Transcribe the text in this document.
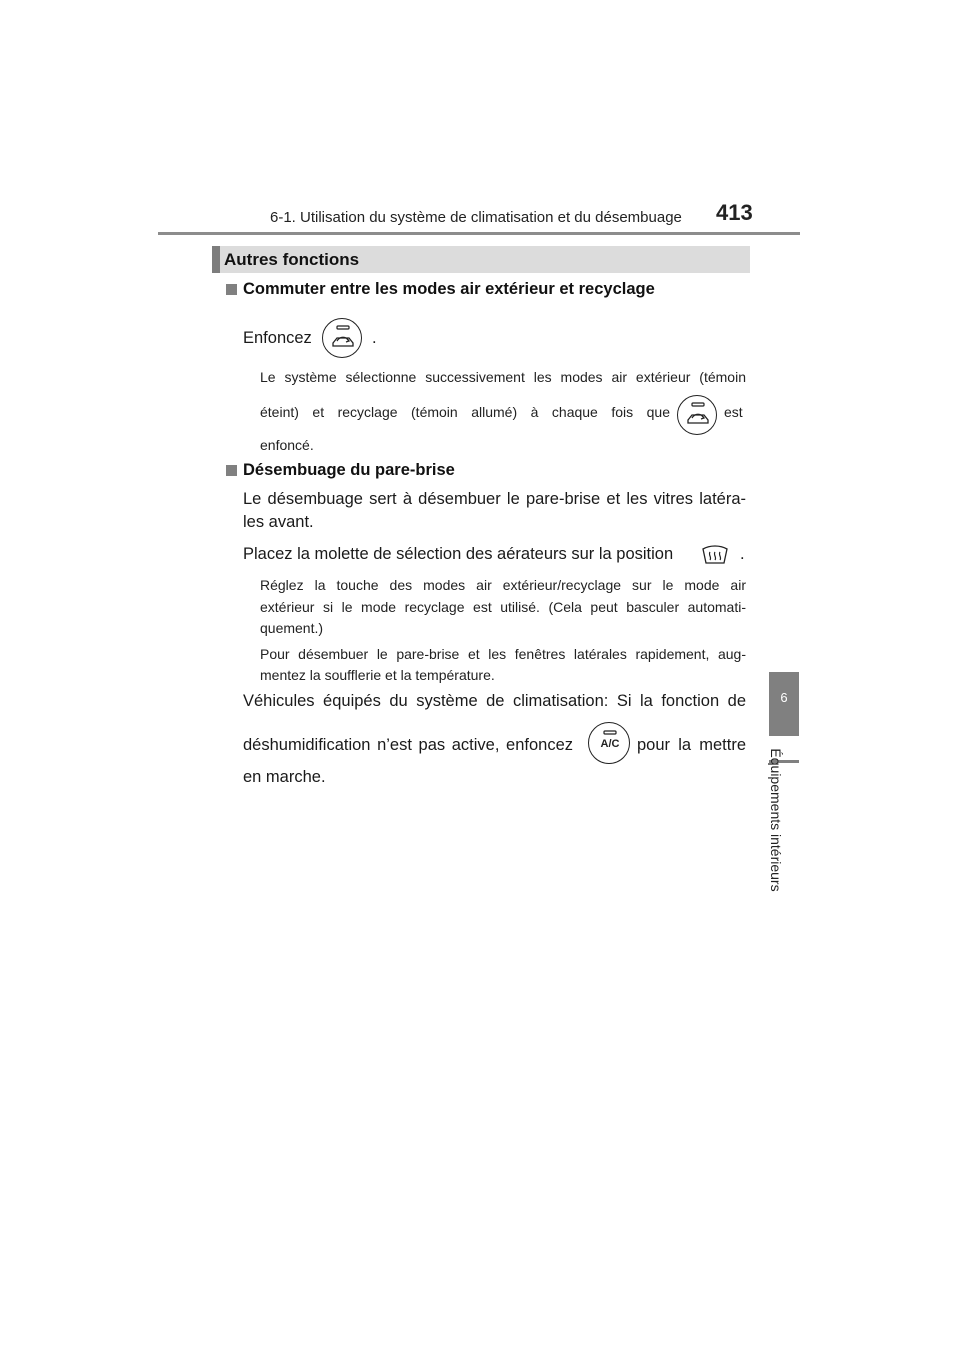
6-1. Utilisation du système de climatisation et du désembuage 413
6
Équipements intérieurs
Autres fonctions
Commuter entre les modes air extérieur et recyclage
Enfoncez	.
Le système sélectionne successivement les modes air extérieur (témoin
éteint) et recyclage (témoin allumé) à chaque fois que	est
enfoncé.
Désembuage du pare-brise
Le désembuage sert à désembuer le pare-brise et les vitres latéra-
les avant.
Placez la molette de sélection des aérateurs sur la position	.
Réglez la touche des modes air extérieur/recyclage sur le mode air
extérieur si le mode recyclage est utilisé. (Cela peut basculer automati-
quement.)
Pour désembuer le pare-brise et les fenêtres latérales rapidement, aug-
mentez la soufflerie et la température.
Véhicules équipés du système de climatisation: Si la fonction de
déshumidification n’est pas active, enfoncez	A/C	pour la mettre
en marche.
